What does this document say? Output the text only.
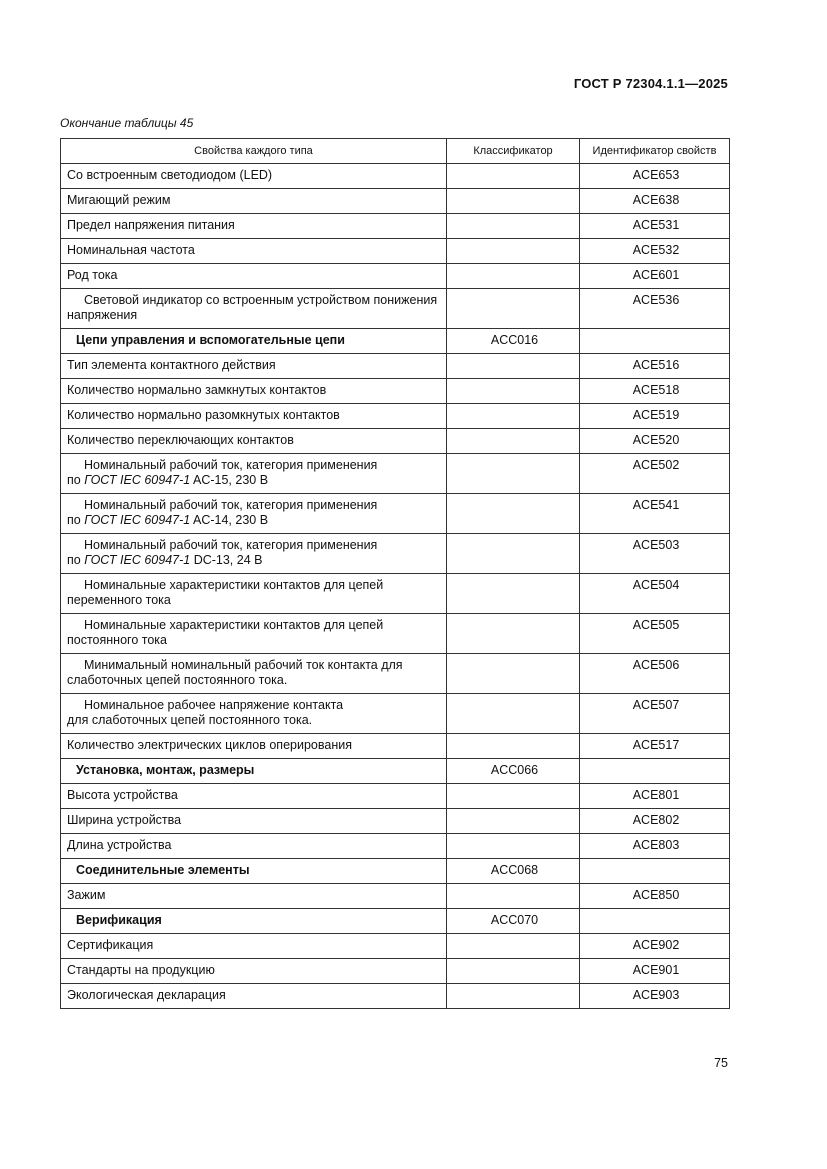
ГОСТ Р 72304.1.1—2025
Окончание таблицы 45
Свойства каждого типа	Классификатор	Идентификатор свойств
Со встроенным светодиодом (LED)		ACE653
Мигающий режим		ACE638
Предел напряжения питания		ACE531
Номинальная частота		ACE532
Род тока		ACE601
Световой индикатор со встроенным устройством понижения напряжения		ACE536
Цепи управления и вспомогательные цепи	ACC016	
Тип элемента контактного действия		ACE516
Количество нормально замкнутых контактов		ACE518
Количество нормально разомкнутых контактов		ACE519
Количество переключающих контактов		ACE520
Номинальный рабочий ток, категория применения
по ГОСТ IEC 60947-1 AC-15, 230 B		ACE502
Номинальный рабочий ток, категория применения
по ГОСТ IEC 60947-1 AC-14, 230 B		ACE541
Номинальный рабочий ток, категория применения
по ГОСТ IEC 60947-1 DC-13, 24 B		ACE503
Номинальные характеристики контактов для цепей переменного тока		ACE504
Номинальные характеристики контактов для цепей постоянного тока		ACE505
Минимальный номинальный рабочий ток контакта для слаботочных цепей постоянного тока.		ACE506
Номинальное рабочее напряжение контакта
для слаботочных цепей постоянного тока.		ACE507
Количество электрических циклов оперирования		ACE517
Установка, монтаж, размеры	ACC066	
Высота устройства		ACE801
Ширина устройства		ACE802
Длина устройства		ACE803
Соединительные элементы	ACC068	
Зажим		ACE850
Верификация	ACC070	
Сертификация		ACE902
Стандарты на продукцию		ACE901
Экологическая декларация		ACE903
75
